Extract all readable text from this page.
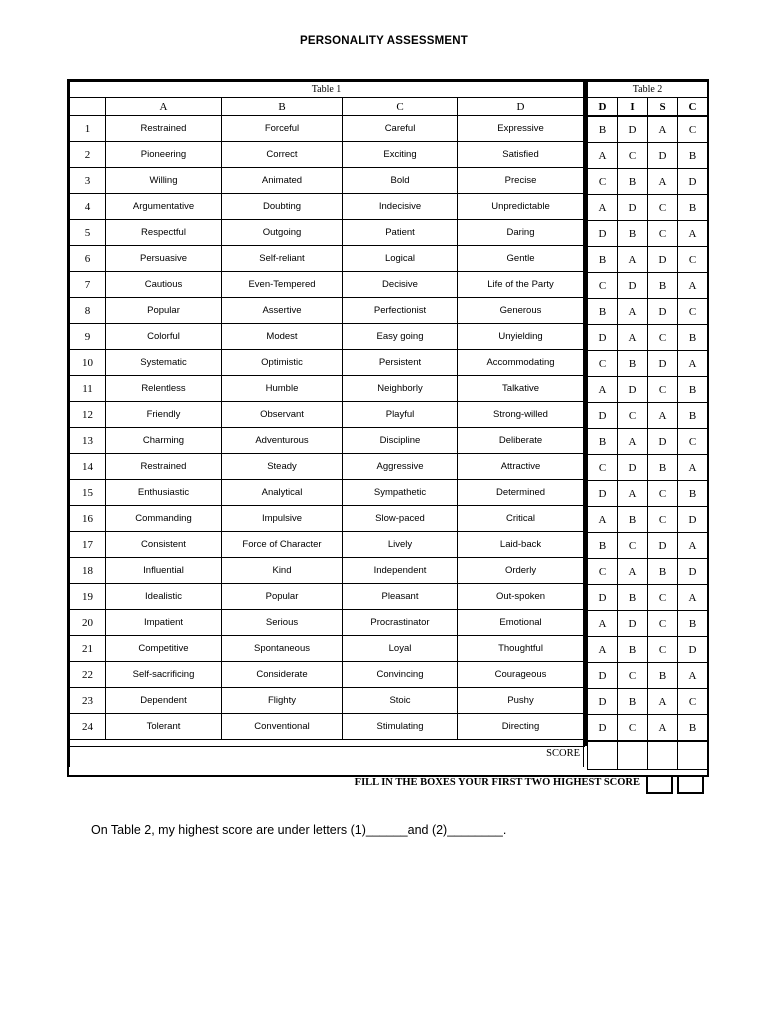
PERSONALITY ASSESSMENT
Table 1				
	A	B	C	D
1	Restrained	Forceful	Careful	Expressive
2	Pioneering	Correct	Exciting	Satisfied
3	Willing	Animated	Bold	Precise
4	Argumentative	Doubting	Indecisive	Unpredictable
5	Respectful	Outgoing	Patient	Daring
6	Persuasive	Self-reliant	Logical	Gentle
7	Cautious	Even-Tempered	Decisive	Life of the Party
8	Popular	Assertive	Perfectionist	Generous
9	Colorful	Modest	Easy going	Unyielding
10	Systematic	Optimistic	Persistent	Accommodating
11	Relentless	Humble	Neighborly	Talkative
12	Friendly	Observant	Playful	Strong-willed
13	Charming	Adventurous	Discipline	Deliberate
14	Restrained	Steady	Aggressive	Attractive
15	Enthusiastic	Analytical	Sympathetic	Determined
16	Commanding	Impulsive	Slow-paced	Critical
17	Consistent	Force of Character	Lively	Laid-back
18	Influential	Kind	Independent	Orderly
19	Idealistic	Popular	Pleasant	Out-spoken
20	Impatient	Serious	Procrastinator	Emotional
21	Competitive	Spontaneous	Loyal	Thoughtful
22	Self-sacrificing	Considerate	Convincing	Courageous
23	Dependent	Flighty	Stoic	Pushy
24	Tolerant	Conventional	Stimulating	Directing

Table 2			
D	I	S	C
B	D	A	C
A	C	D	B
C	B	A	D
A	D	C	B
D	B	C	A
B	A	D	C
C	D	B	A
B	A	D	C
D	A	C	B
C	B	D	A
A	D	C	B
D	C	A	B
B	A	D	C
C	D	B	A
D	A	C	B
A	B	C	D
B	C	D	A
C	A	B	D
D	B	C	A
A	D	C	B
A	B	C	D
D	C	B	A
D	B	A	C
D	C	A	B

SCORE
FILL IN THE BOXES YOUR FIRST TWO HIGHEST SCORE
On Table 2, my highest score are under letters (1)______and (2)________.
